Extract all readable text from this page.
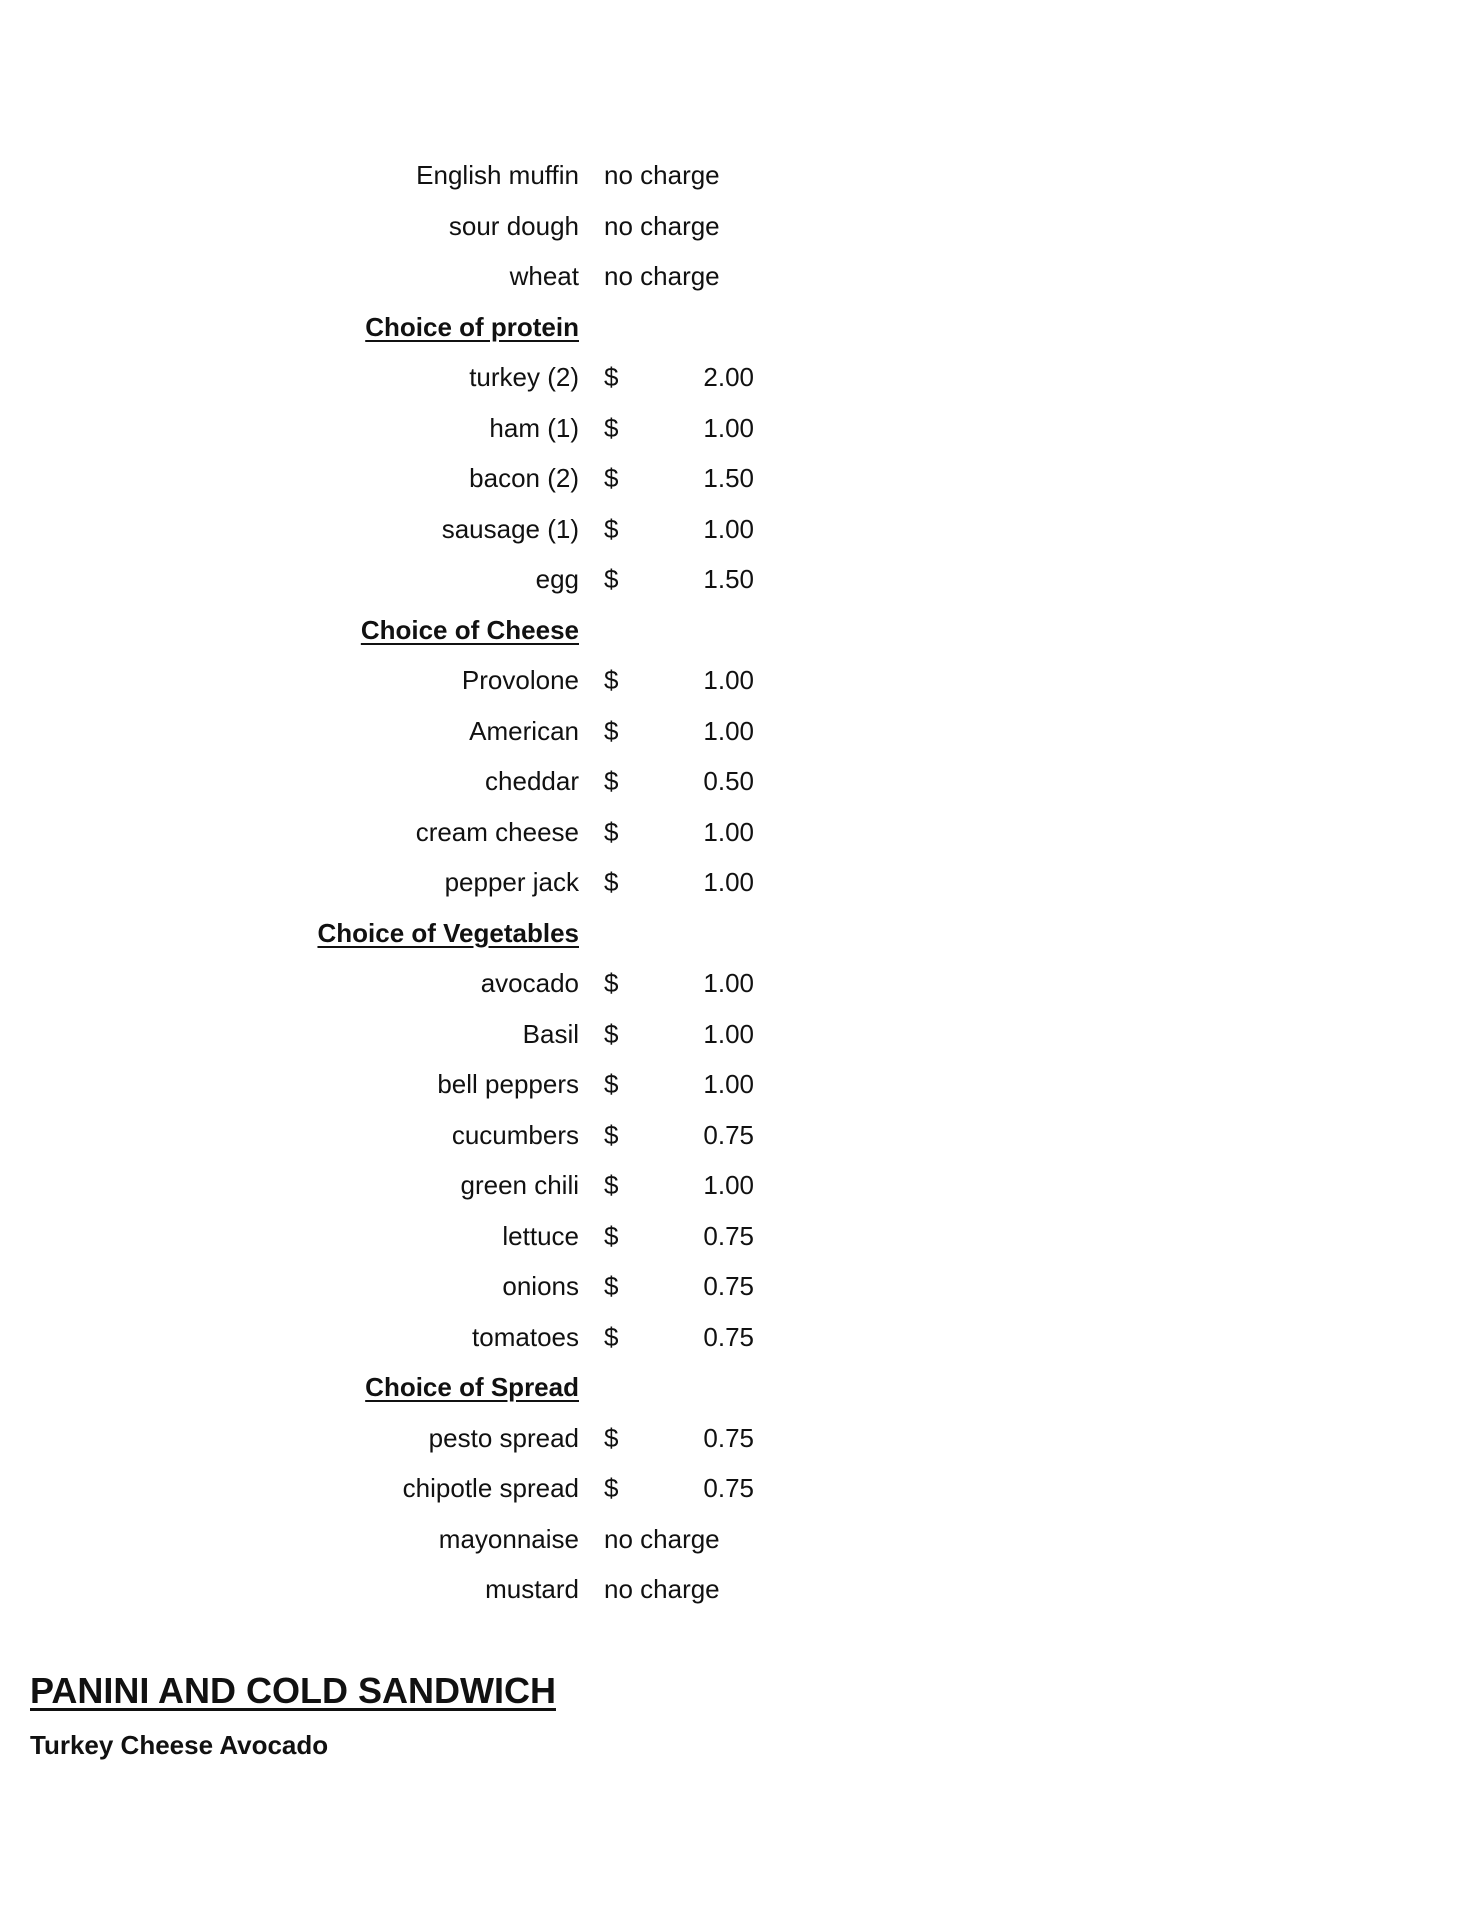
English muffin no charge
sour dough no charge
wheat no charge
Choice of protein
turkey (2) $	2.00
ham (1) $	1.00
bacon (2) $	1.50
sausage (1) $	1.00
egg $	1.50
Choice of Cheese
Provolone $	1.00
American $	1.00
cheddar $	0.50
cream cheese $	1.00
pepper jack $	1.00
Choice of Vegetables
avocado $	1.00
Basil $	1.00
bell peppers $	1.00
cucumbers $	0.75
green chili $	1.00
lettuce $	0.75
onions $	0.75
tomatoes $	0.75
Choice of Spread
pesto spread $	0.75
chipotle spread $	0.75
mayonnaise no charge
mustard no charge
PANINI AND COLD SANDWICH
Turkey Cheese Avocado
